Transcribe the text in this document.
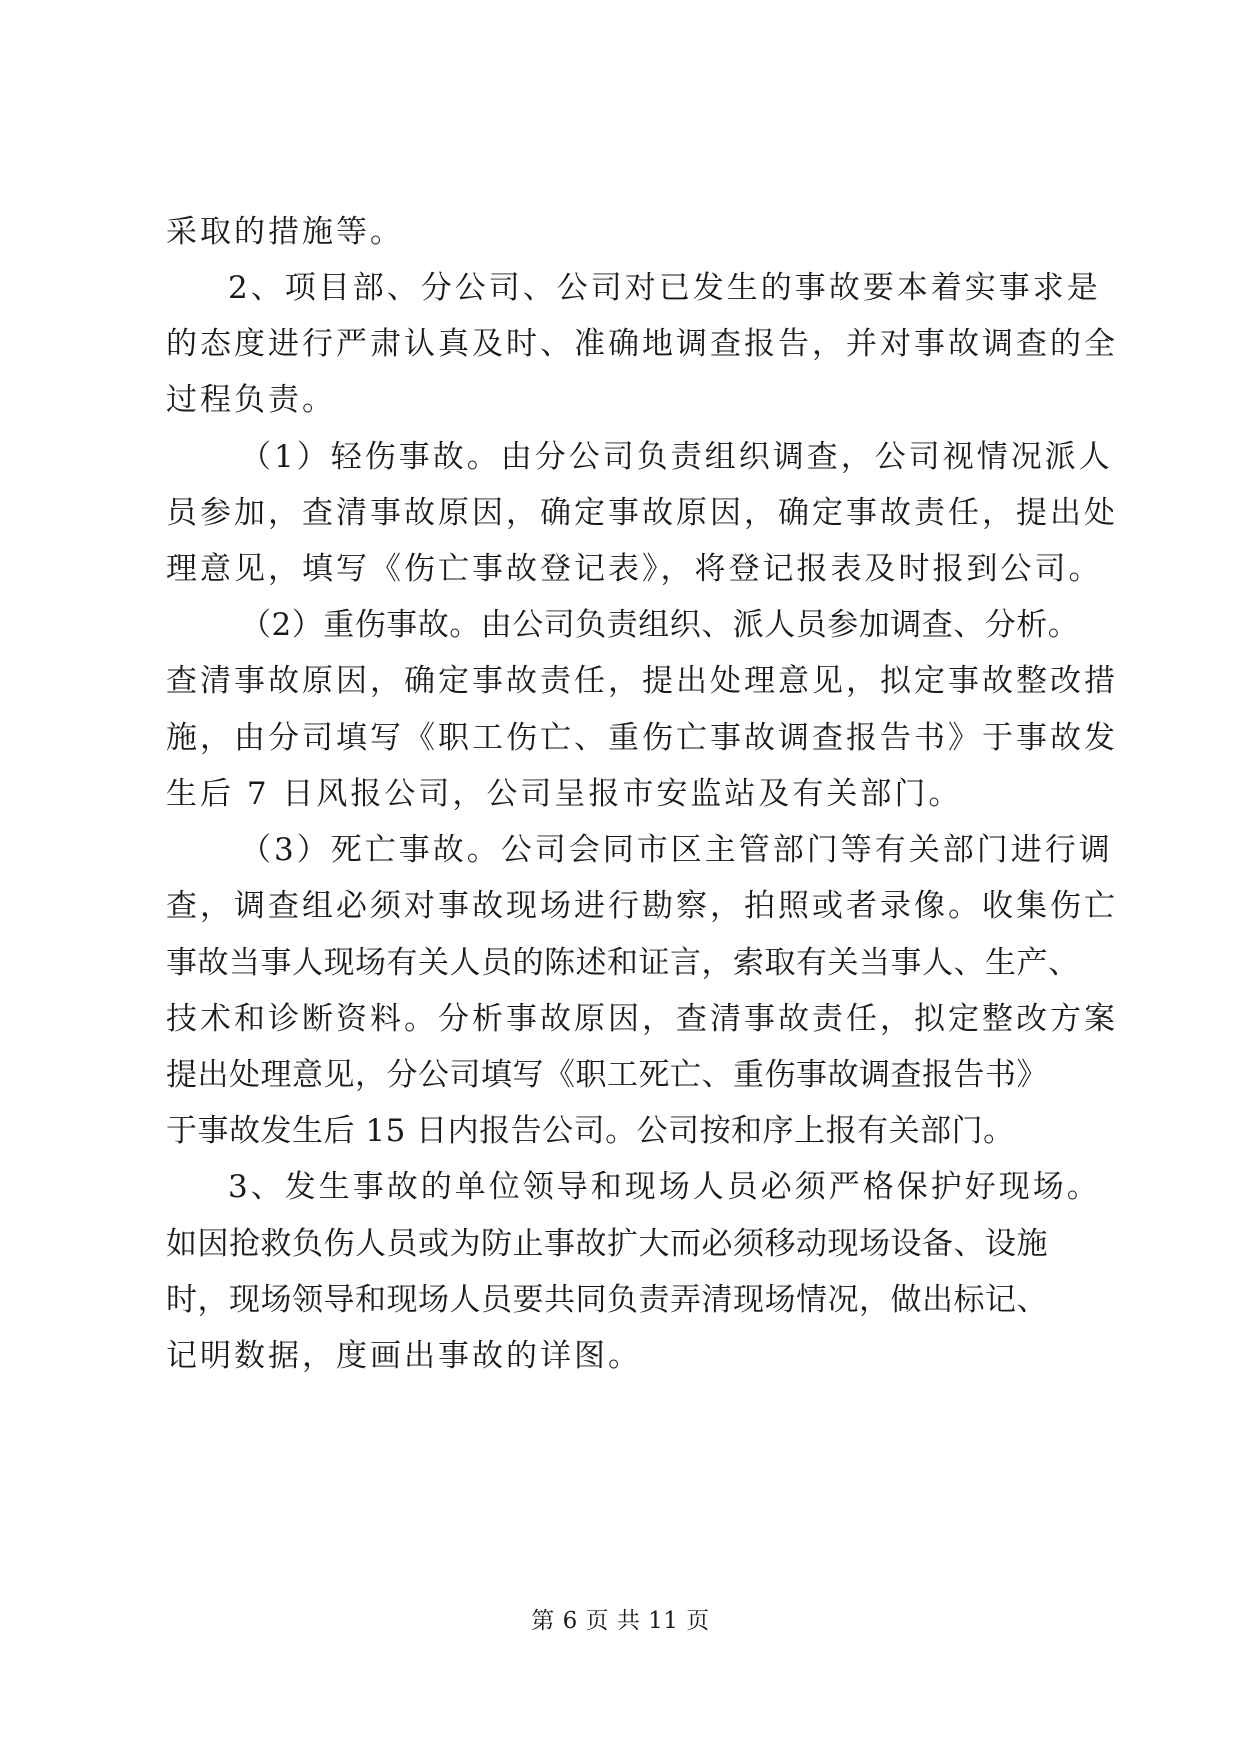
采取的措施等。
2、项目部、分公司、公司对已发生的事故要本着实事求是
的态度进行严肃认真及时、准确地调查报告，并对事故调查的全
过程负责。
（1）轻伤事故。由分公司负责组织调查，公司视情况派人
员参加，查清事故原因，确定事故原因，确定事故责任，提出处
理意见，填写《伤亡事故登记表》，将登记报表及时报到公司。
（2）重伤事故。由公司负责组织、派人员参加调查、分析。
查清事故原因，确定事故责任，提出处理意见，拟定事故整改措
施，由分司填写《职工伤亡、重伤亡事故调查报告书》于事故发
生后 7 日风报公司，公司呈报市安监站及有关部门。
（3）死亡事故。公司会同市区主管部门等有关部门进行调
查，调查组必须对事故现场进行勘察，拍照或者录像。收集伤亡
事故当事人现场有关人员的陈述和证言，索取有关当事人、生产、
技术和诊断资料。分析事故原因，查清事故责任，拟定整改方案
提出处理意见，分公司填写《职工死亡、重伤事故调查报告书》
于事故发生后 15 日内报告公司。公司按和序上报有关部门。
3、发生事故的单位领导和现场人员必须严格保护好现场。
如因抢救负伤人员或为防止事故扩大而必须移动现场设备、设施
时，现场领导和现场人员要共同负责弄清现场情况，做出标记、
记明数据，度画出事故的详图。
第 6 页 共 11 页
